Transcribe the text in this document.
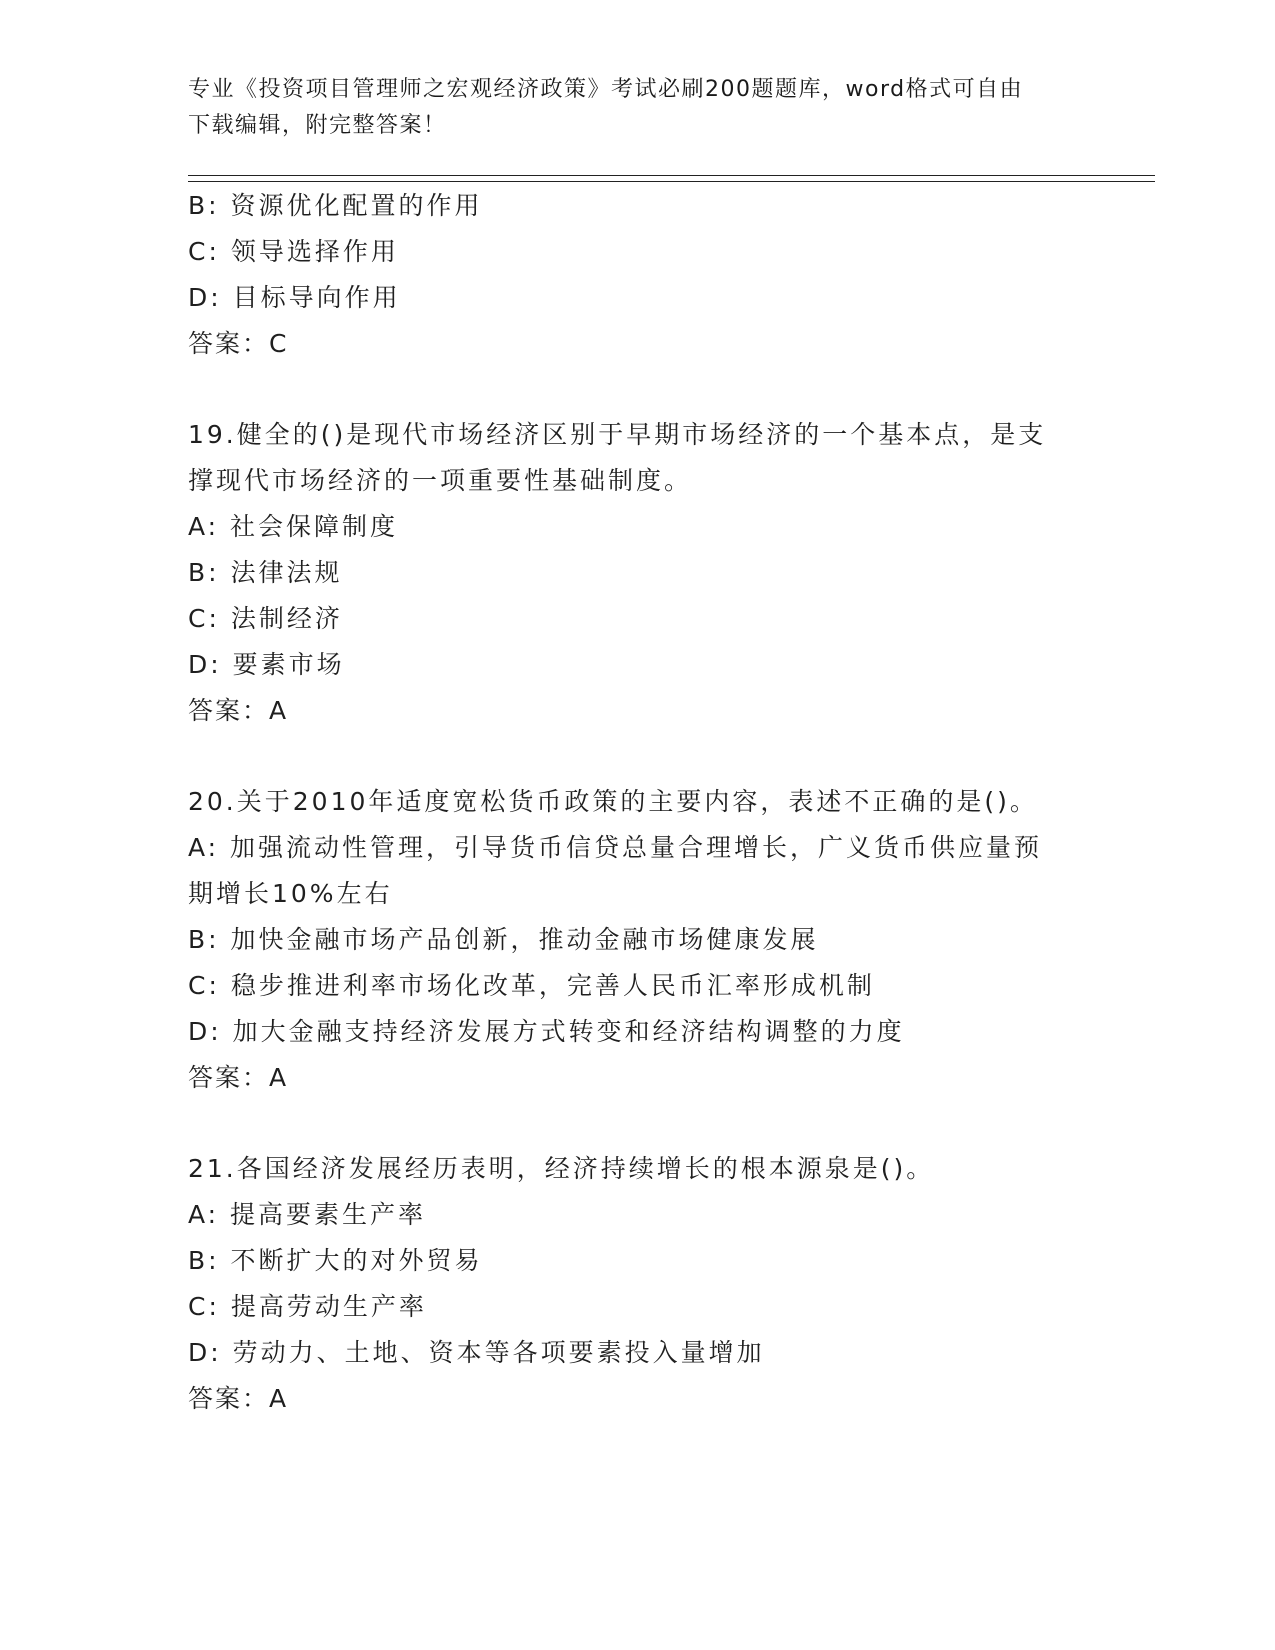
专业《投资项目管理师之宏观经济政策》考试必刷200题题库，word格式可自由
下载编辑，附完整答案！
B: 资源优化配置的作用
C: 领导选择作用
D: 目标导向作用
答案：C
19.健全的()是现代市场经济区别于早期市场经济的一个基本点，是支
撑现代市场经济的一项重要性基础制度。
A: 社会保障制度
B: 法律法规
C: 法制经济
D: 要素市场
答案：A
20.关于2010年适度宽松货币政策的主要内容，表述不正确的是()。
A: 加强流动性管理，引导货币信贷总量合理增长，广义货币供应量预
期增长10%左右
B: 加快金融市场产品创新，推动金融市场健康发展
C: 稳步推进利率市场化改革，完善人民币汇率形成机制
D: 加大金融支持经济发展方式转变和经济结构调整的力度
答案：A
21.各国经济发展经历表明，经济持续增长的根本源泉是()。
A: 提高要素生产率
B: 不断扩大的对外贸易
C: 提高劳动生产率
D: 劳动力、土地、资本等各项要素投入量增加
答案：A
